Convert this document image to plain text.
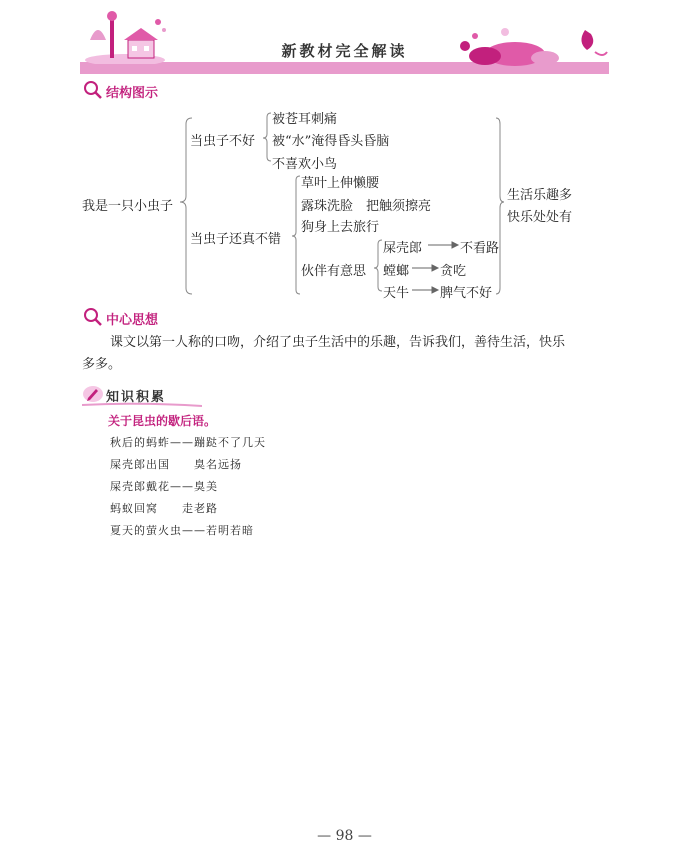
新教材完全解读
结构图示
我是一只小虫子
当虫子不好
被苍耳刺痛
被“水”淹得昏头昏脑
不喜欢小鸟
当虫子还真不错
草叶上伸懒腰
露珠洗脸　把触须擦亮
狗身上去旅行
伙伴有意思
屎壳郎	不看路
螳螂 贪吃
天牛 脾气不好
生活乐趣多
快乐处处有
中心思想
课文以第一人称的口吻，介绍了虫子生活中的乐趣，告诉我们，善待生活，快乐
多多。
知识积累
关于昆虫的歇后语。
秋后的蚂蚱——蹦跶不了几天
屎壳郎出国　　臭名远扬
屎壳郎戴花——臭美
蚂蚁回窝　　走老路
夏天的萤火虫——若明若暗
— 98 —
